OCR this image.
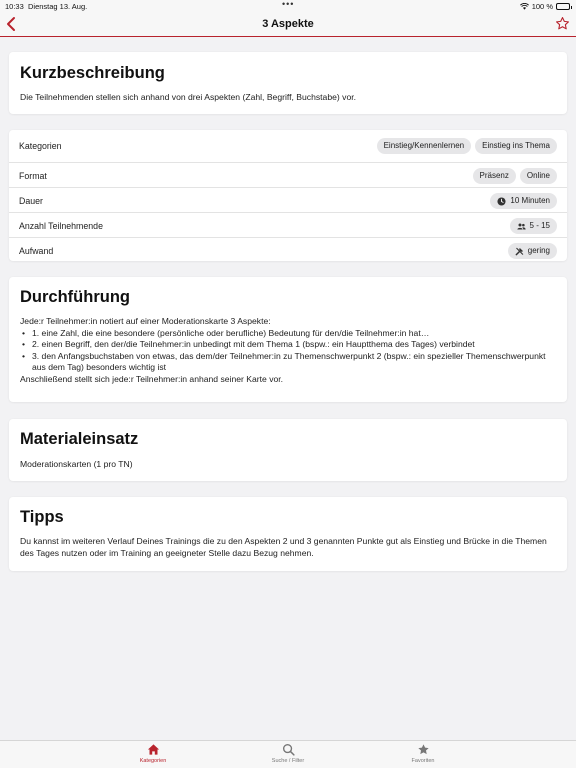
10:33 Dienstag 13. Aug.	•••	100 %
3 Aspekte
Kurzbeschreibung

Die Teilnehmenden stellen sich anhand von drei Aspekten (Zahl, Begriff, Buchstabe) vor.

Kategorien	Einstieg/Kennenlernen	Einstieg ins Thema
Format	Präsenz	Online
Dauer	10 Minuten
Anzahl Teilnehmende	5 - 15
Aufwand	gering
Durchführung

Jede:r Teilnehmer:in notiert auf einer Moderationskarte 3 Aspekte:

• 1. eine Zahl, die eine besondere (persönliche oder berufliche) Bedeutung für den/die Teilnehmer:in hat…
• 2. einen Begriff, den der/die Teilnehmer:in unbedingt mit dem Thema 1 (bspw.: ein Hauptthema des Tages) verbindet
• 3. den Anfangsbuchstaben von etwas, das dem/der Teilnehmer:in zu Themenschwerpunkt 2 (bspw.: ein spezieller Themenschwerpunkt aus dem Tag) besonders wichtig ist

Anschließend stellt sich jede:r Teilnehmer:in anhand seiner Karte vor.

Materialeinsatz

Moderationskarten (1 pro TN)

Tipps

Du kannst im weiteren Verlauf Deines Trainings die zu den Aspekten 2 und 3 genannten Punkte gut als Einstieg und Brücke in die Themen des Tages nutzen oder im Training an geeigneter Stelle dazu Bezug nehmen.

Kategorien	Suche / Filter	Favoriten
